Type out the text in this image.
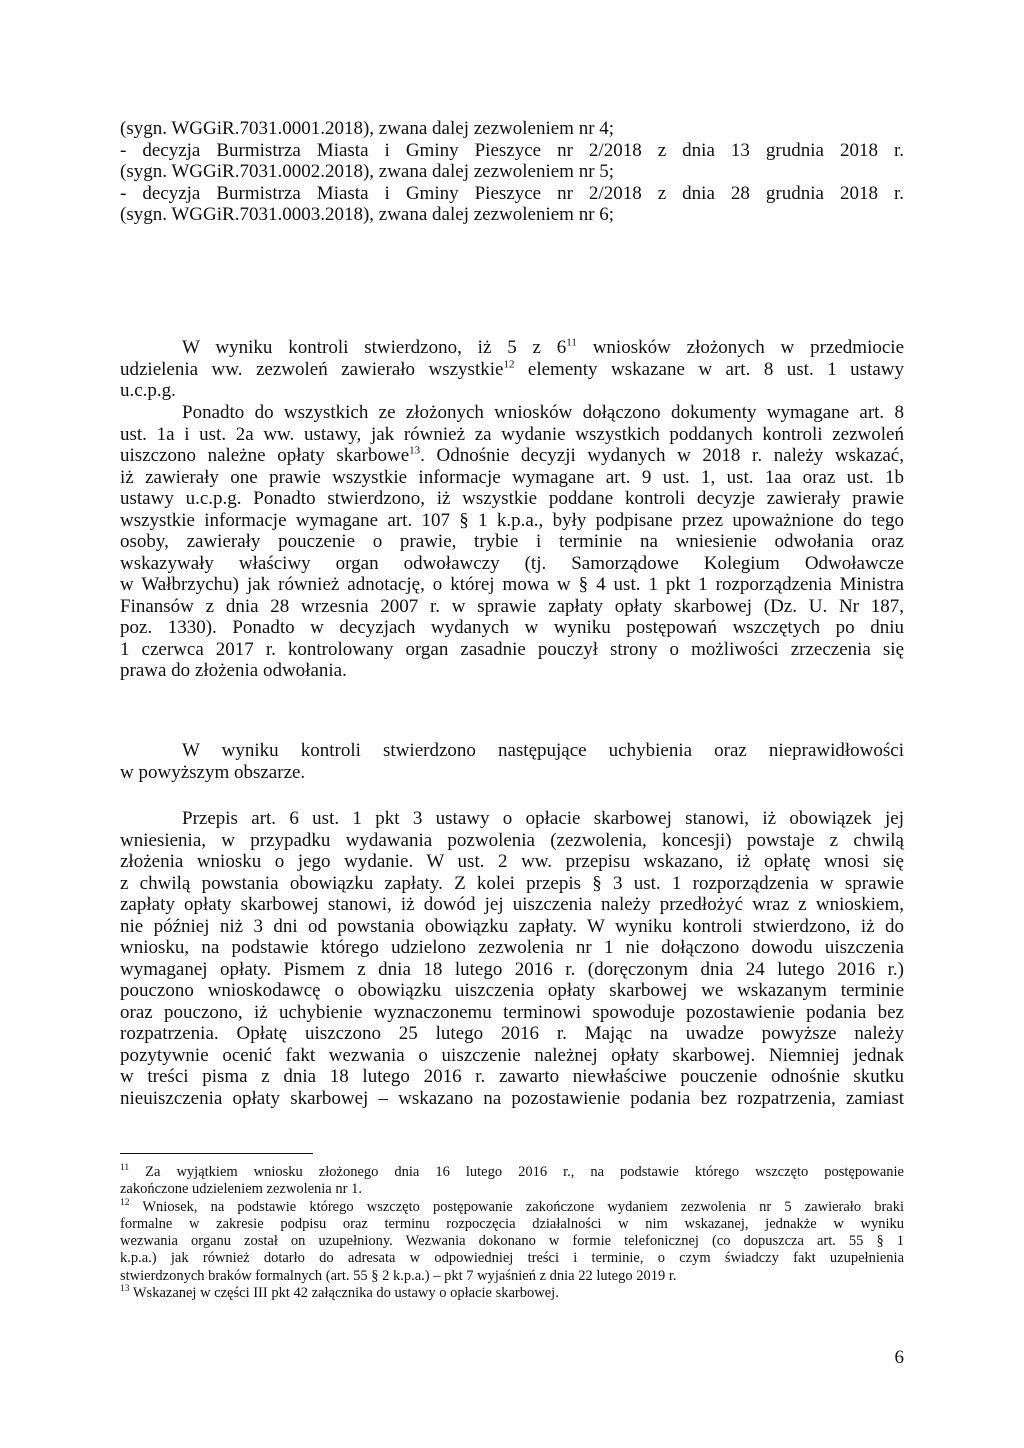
(sygn. WGGiR.7031.0001.2018), zwana dalej zezwoleniem nr 4;
- decyzja Burmistrza Miasta i Gminy Pieszyce nr 2/2018 z dnia 13 grudnia 2018 r.
(sygn. WGGiR.7031.0002.2018), zwana dalej zezwoleniem nr 5;
- decyzja Burmistrza Miasta i Gminy Pieszyce nr 2/2018 z dnia 28 grudnia 2018 r.
(sygn. WGGiR.7031.0003.2018), zwana dalej zezwoleniem nr 6;
W wyniku kontroli stwierdzono, iż 5 z $6^{11}$ wniosków złożonych w przedmiocie
udzielenia ww. zezwoleń zawierało wszystkie$^{12}$ elementy wskazane w art. 8 ust. 1 ustawy
u.c.p.g.
Ponadto do wszystkich ze złożonych wniosków dołączono dokumenty wymagane art. 8
ust. 1a i ust. 2a ww. ustawy, jak również za wydanie wszystkich poddanych kontroli zezwoleń
uiszczono należne opłaty skarbowe$^{13}$. Odnośnie decyzji wydanych w 2018 r. należy wskazać,
iż zawierały one prawie wszystkie informacje wymagane art. 9 ust. 1, ust. 1aa oraz ust. 1b
ustawy u.c.p.g. Ponadto stwierdzono, iż wszystkie poddane kontroli decyzje zawierały prawie
wszystkie informacje wymagane art. 107 § 1 k.p.a., były podpisane przez upoważnione do tego
osoby, zawierały pouczenie o prawie, trybie i terminie na wniesienie odwołania oraz
wskazywały właściwy organ odwoławczy (tj. Samorządowe Kolegium Odwoławcze
w Wałbrzychu) jak również adnotację, o której mowa w § 4 ust. 1 pkt 1 rozporządzenia Ministra
Finansów z dnia 28 wrzesnia 2007 r. w sprawie zapłaty opłaty skarbowej (Dz. U. Nr 187,
poz. 1330). Ponadto w decyzjach wydanych w wyniku postępowań wszczętych po dniu
1 czerwca 2017 r. kontrolowany organ zasadnie pouczył strony o możliwości zrzeczenia się
prawa do złożenia odwołania.
W wyniku kontroli stwierdzono następujące uchybienia oraz nieprawidłowości
w powyższym obszarze.
Przepis art. 6 ust. 1 pkt 3 ustawy o opłacie skarbowej stanowi, iż obowiązek jej
wniesienia, w przypadku wydawania pozwolenia (zezwolenia, koncesji) powstaje z chwilą
złożenia wniosku o jego wydanie. W ust. 2 ww. przepisu wskazano, iż opłatę wnosi się
z chwilą powstania obowiązku zapłaty. Z kolei przepis § 3 ust. 1 rozporządzenia w sprawie
zapłaty opłaty skarbowej stanowi, iż dowód jej uiszczenia należy przedłożyć wraz z wnioskiem,
nie później niż 3 dni od powstania obowiązku zapłaty. W wyniku kontroli stwierdzono, iż do
wniosku, na podstawie którego udzielono zezwolenia nr 1 nie dołączono dowodu uiszczenia
wymaganej opłaty. Pismem z dnia 18 lutego 2016 r. (doręczonym dnia 24 lutego 2016 r.)
pouczono wnioskodawcę o obowiązku uiszczenia opłaty skarbowej we wskazanym terminie
oraz pouczono, iż uchybienie wyznaczonemu terminowi spowoduje pozostawienie podania bez
rozpatrzenia. Opłatę uiszczono 25 lutego 2016 r. Mając na uwadze powyższe należy
pozytywnie ocenić fakt wezwania o uiszczenie należnej opłaty skarbowej. Niemniej jednak
w treści pisma z dnia 18 lutego 2016 r. zawarto niewłaściwe pouczenie odnośnie skutku
nieuiszczenia opłaty skarbowej – wskazano na pozostawienie podania bez rozpatrzenia, zamiast
$^{11}$ Za wyjątkiem wniosku złożonego dnia 16 lutego 2016 r., na podstawie którego wszczęto postępowanie
zakończone udzieleniem zezwolenia nr 1.
$^{12}$ Wniosek, na podstawie którego wszczęto postępowanie zakończone wydaniem zezwolenia nr 5 zawierało braki
formalne w zakresie podpisu oraz terminu rozpoczęcia działalności w nim wskazanej, jednakże w wyniku
wezwania organu został on uzupełniony. Wezwania dokonano w formie telefonicznej (co dopuszcza art. 55 § 1
k.p.a.) jak również dotarło do adresata w odpowiedniej treści i terminie, o czym świadczy fakt uzupełnienia
stwierdzonych braków formalnych (art. 55 § 2 k.p.a.) – pkt 7 wyjaśnień z dnia 22 lutego 2019 r.
$^{13}$ Wskazanej w części III pkt 42 załącznika do ustawy o opłacie skarbowej.
6
